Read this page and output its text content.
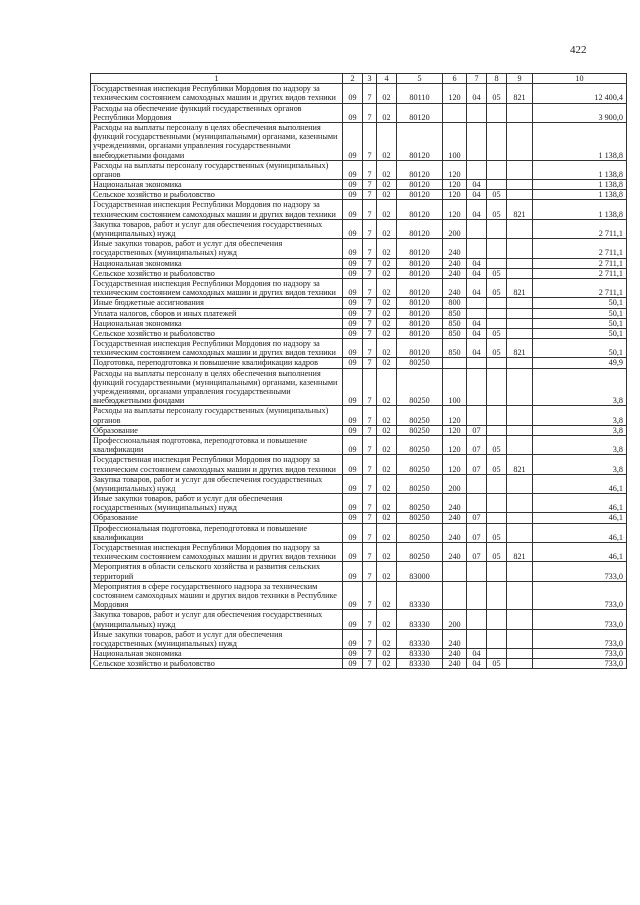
422
1	2	3	4	5	6	7	8	9	10
Государственная инспекция Республики Мордовия по надзору за техническим состоянием самоходных машин и других видов техники	09	7	02	80110	120	04	05	821	12 400,4
Расходы на обеспечение функций государственных органов Республики Мордовия	09	7	02	80120					3 900,0
Расходы на выплаты персоналу в целях обеспечения выполнения функций государственными (муниципальными) органами, казенными учреждениями, органами управления государственными внебюджетными фондами	09	7	02	80120	100				1 138,8
Расходы на выплаты персоналу государственных (муниципальных) органов	09	7	02	80120	120				1 138,8
Национальная экономика	09	7	02	80120	120	04			1 138,8
Сельское хозяйство и рыболовство	09	7	02	80120	120	04	05		1 138,8
Государственная инспекция Республики Мордовия по надзору за техническим состоянием самоходных машин и других видов техники	09	7	02	80120	120	04	05	821	1 138,8
Закупка товаров, работ и услуг для обеспечения государственных (муниципальных) нужд	09	7	02	80120	200				2 711,1
Иные закупки товаров, работ и услуг для обеспечения государственных (муниципальных) нужд	09	7	02	80120	240				2 711,1
Национальная экономика	09	7	02	80120	240	04			2 711,1
Сельское хозяйство и рыболовство	09	7	02	80120	240	04	05		2 711,1
Государственная инспекция Республики Мордовия по надзору за техническим состоянием самоходных машин и других видов техники	09	7	02	80120	240	04	05	821	2 711,1
Иные бюджетные ассигнования	09	7	02	80120	800				50,1
Уплата налогов, сборов и иных платежей	09	7	02	80120	850				50,1
Национальная экономика	09	7	02	80120	850	04			50,1
Сельское хозяйство и рыболовство	09	7	02	80120	850	04	05		50,1
Государственная инспекция Республики Мордовия по надзору за техническим состоянием самоходных машин и других видов техники	09	7	02	80120	850	04	05	821	50,1
Подготовка, переподготовка и повышение квалификации кадров	09	7	02	80250					49,9
Расходы на выплаты персоналу в целях обеспечения выполнения функций государственными (муниципальными) органами, казенными учреждениями, органами управления государственными внебюджетными фондами	09	7	02	80250	100				3,8
Расходы на выплаты персоналу государственных (муниципальных) органов	09	7	02	80250	120				3,8
Образование	09	7	02	80250	120	07			3,8
Профессиональная подготовка, переподготовка и повышение квалификации	09	7	02	80250	120	07	05		3,8
Государственная инспекция Республики Мордовия по надзору за техническим состоянием самоходных машин и других видов техники	09	7	02	80250	120	07	05	821	3,8
Закупка товаров, работ и услуг для обеспечения государственных (муниципальных) нужд	09	7	02	80250	200				46,1
Иные закупки товаров, работ и услуг для обеспечения государственных (муниципальных) нужд	09	7	02	80250	240				46,1
Образование	09	7	02	80250	240	07			46,1
Профессиональная подготовка, переподготовка и повышение квалификации	09	7	02	80250	240	07	05		46,1
Государственная инспекция Республики Мордовия по надзору за техническим состоянием самоходных машин и других видов техники	09	7	02	80250	240	07	05	821	46,1
Мероприятия в области сельского хозяйства и развития сельских территорий	09	7	02	83000					733,0
Мероприятия в сфере государственного надзора за техническим состоянием самоходных машин и других видов техники в Республике Мордовия	09	7	02	83330					733,0
Закупка товаров, работ и услуг для обеспечения государственных (муниципальных) нужд	09	7	02	83330	200				733,0
Иные закупки товаров, работ и услуг для обеспечения государственных (муниципальных) нужд	09	7	02	83330	240				733,0
Национальная экономика	09	7	02	83330	240	04			733,0
Сельское хозяйство и рыболовство	09	7	02	83330	240	04	05		733,0
